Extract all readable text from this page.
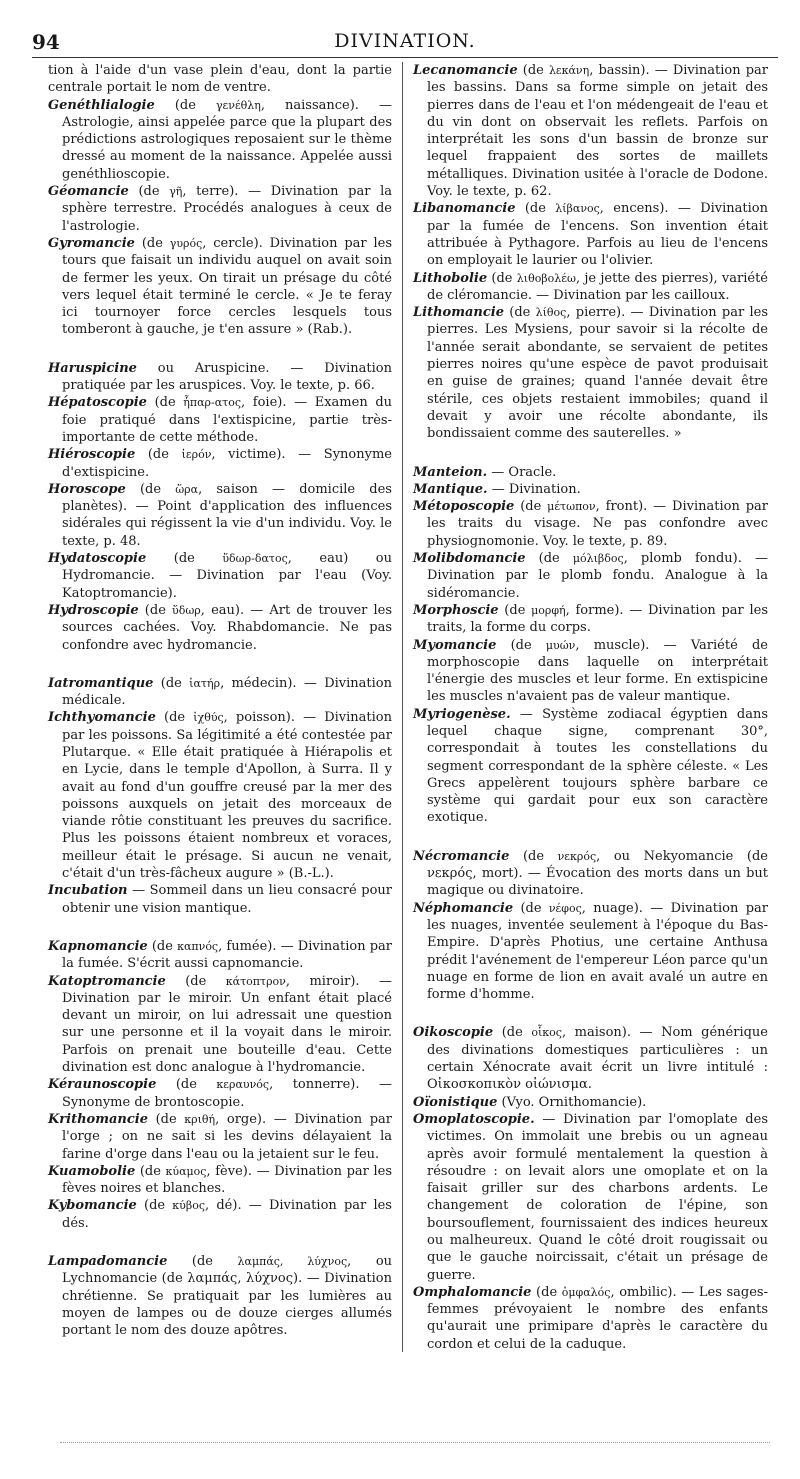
94	DIVINATION.

tion à l'aide d'un vase plein d'eau, dont la partie centrale portait le nom de ventre.

Genéthlialogie (de γενέθλη, naissance). — Astrologie, ainsi appelée parce que la plupart des prédictions astrologiques reposaient sur le thème dressé au moment de la naissance. Appelée aussi genéthlioscopie.

Géomancie (de γῆ, terre). — Divination par la sphère terrestre. Procédés analogues à ceux de l'astrologie.

Gyromancie (de γυρός, cercle). Divination par les tours que faisait un individu auquel on avait soin de fermer les yeux. On tirait un présage du côté vers lequel était terminé le cercle. « Je te feray ici tournoyer force cercles lesquels tous tomberont à gauche, je t'en assure » (Rab.).

Haruspicine ou Aruspicine. — Divination pratiquée par les aruspices. Voy. le texte, p. 66.

Hépatoscopie (de ἧπαρ-ατος, foie). — Examen du foie pratiqué dans l'extispicine, partie très-importante de cette méthode.

Hiéroscopie (de ἱερόν, victime). — Synonyme d'extispicine.

Horoscope (de ὥρα, saison — domicile des planètes). — Point d'application des influences sidérales qui régissent la vie d'un individu. Voy. le texte, p. 48.

Hydatoscopie (de ὕδωρ-δατος, eau) ou Hydromancie. — Divination par l'eau (Voy. Katoptromancie).

Hydroscopie (de ὕδωρ, eau). — Art de trouver les sources cachées. Voy. Rhabdomancie. Ne pas confondre avec hydromancie.

Iatromantique (de ἰατήρ, médecin). — Divination médicale.

Ichthyomancie (de ἰχθύς, poisson). — Divination par les poissons. Sa légitimité a été contestée par Plutarque. « Elle était pratiquée à Hiérapolis et en Lycie, dans le temple d'Apollon, à Surra. Il y avait au fond d'un gouffre creusé par la mer des poissons auxquels on jetait des morceaux de viande rôtie constituant les preuves du sacrifice. Plus les poissons étaient nombreux et voraces, meilleur était le présage. Si aucun ne venait, c'était d'un très-fâcheux augure » (B.-L.).

Incubation — Sommeil dans un lieu consacré pour obtenir une vision mantique.

Kapnomancie (de καπνός, fumée). — Divination par la fumée. S'écrit aussi capnomancie.

Katoptromancie (de κάτοπτρον, miroir). — Divination par le miroir. Un enfant était placé devant un miroir, on lui adressait une question sur une personne et il la voyait dans le miroir. Parfois on prenait une bouteille d'eau. Cette divination est donc analogue à l'hydromancie.

Kéraunoscopie (de κεραυνός, tonnerre). — Synonyme de brontoscopie.

Krithomancie (de κριθή, orge). — Divination par l'orge ; on ne sait si les devins délayaient la farine d'orge dans l'eau ou la jetaient sur le feu.

Kuamobolie (de κύαμος, fève). — Divination par les fèves noires et blanches.

Kybomancie (de κύβος, dé). — Divination par les dés.

Lampadomancie (de λαμπάς, λύχνος, ou Lychnomancie (de λαμπάς, λύχνος). — Divination chrétienne. Se pratiquait par les lumières au moyen de lampes ou de douze cierges allumés portant le nom des douze apôtres.

Lecanomancie (de λεκάνη, bassin). — Divination par les bassins. Dans sa forme simple on jetait des pierres dans de l'eau et l'on médengeait de l'eau et du vin dont on observait les reflets. Parfois on interprétait les sons d'un bassin de bronze sur lequel frappaient des sortes de maillets métalliques. Divination usitée à l'oracle de Dodone. Voy. le texte, p. 62.

Libanomancie (de λίβανος, encens). — Divination par la fumée de l'encens. Son invention était attribuée à Pythagore. Parfois au lieu de l'encens on employait le laurier ou l'olivier.

Lithobolie (de λιθοβολέω, je jette des pierres), variété de cléromancie. — Divination par les cailloux.

Lithomancie (de λίθος, pierre). — Divination par les pierres. Les Mysiens, pour savoir si la récolte de l'année serait abondante, se servaient de petites pierres noires qu'une espèce de pavot produisait en guise de graines; quand l'année devait être stérile, ces objets restaient immobiles; quand il devait y avoir une récolte abondante, ils bondissaient comme des sauterelles. »

Manteion. — Oracle.

Mantique. — Divination.

Métoposcopie (de μέτωπον, front). — Divination par les traits du visage. Ne pas confondre avec physiognomonie. Voy. le texte, p. 89.

Molibdomancie (de μόλιβδος, plomb fondu). — Divination par le plomb fondu. Analogue à la sidéromancie.

Morphoscie (de μορφή, forme). — Divination par les traits, la forme du corps.

Myomancie (de μυών, muscle). — Variété de morphoscopie dans laquelle on interprétait l'énergie des muscles et leur forme. En extispicine les muscles n'avaient pas de valeur mantique.

Myriogenèse. — Système zodiacal égyptien dans lequel chaque signe, comprenant 30°, correspondait à toutes les constellations du segment correspondant de la sphère céleste. « Les Grecs appelèrent toujours sphère barbare ce système qui gardait pour eux son caractère exotique.

Nécromancie (de νεκρός, ou Nekyomancie (de νεκρός, mort). — Évocation des morts dans un but magique ou divinatoire.

Néphomancie (de νέφος, nuage). — Divination par les nuages, inventée seulement à l'époque du Bas-Empire. D'après Photius, une certaine Anthusa prédit l'avénement de l'empereur Léon parce qu'un nuage en forme de lion en avait avalé un autre en forme d'homme.

Oikoscopie (de οἶκος, maison). — Nom générique des divinations domestiques particulières : un certain Xénocrate avait écrit un livre intitulé : Οἰκοσκοπικὸν οἰώνισμα.

Oïonistique (Vyo. Ornithomancie).

Omoplatoscopie. — Divination par l'omoplate des victimes. On immolait une brebis ou un agneau après avoir formulé mentalement la question à résoudre : on levait alors une omoplate et on la faisait griller sur des charbons ardents. Le changement de coloration de l'épine, son boursouflement, fournissaient des indices heureux ou malheureux. Quand le côté droit rougissait ou que le gauche noircissait, c'était un présage de guerre.

Omphalomancie (de ὀμφαλός, ombilic). — Les sages-femmes prévoyaient le nombre des enfants qu'aurait une primipare d'après le caractère du cordon et celui de la caduque.
